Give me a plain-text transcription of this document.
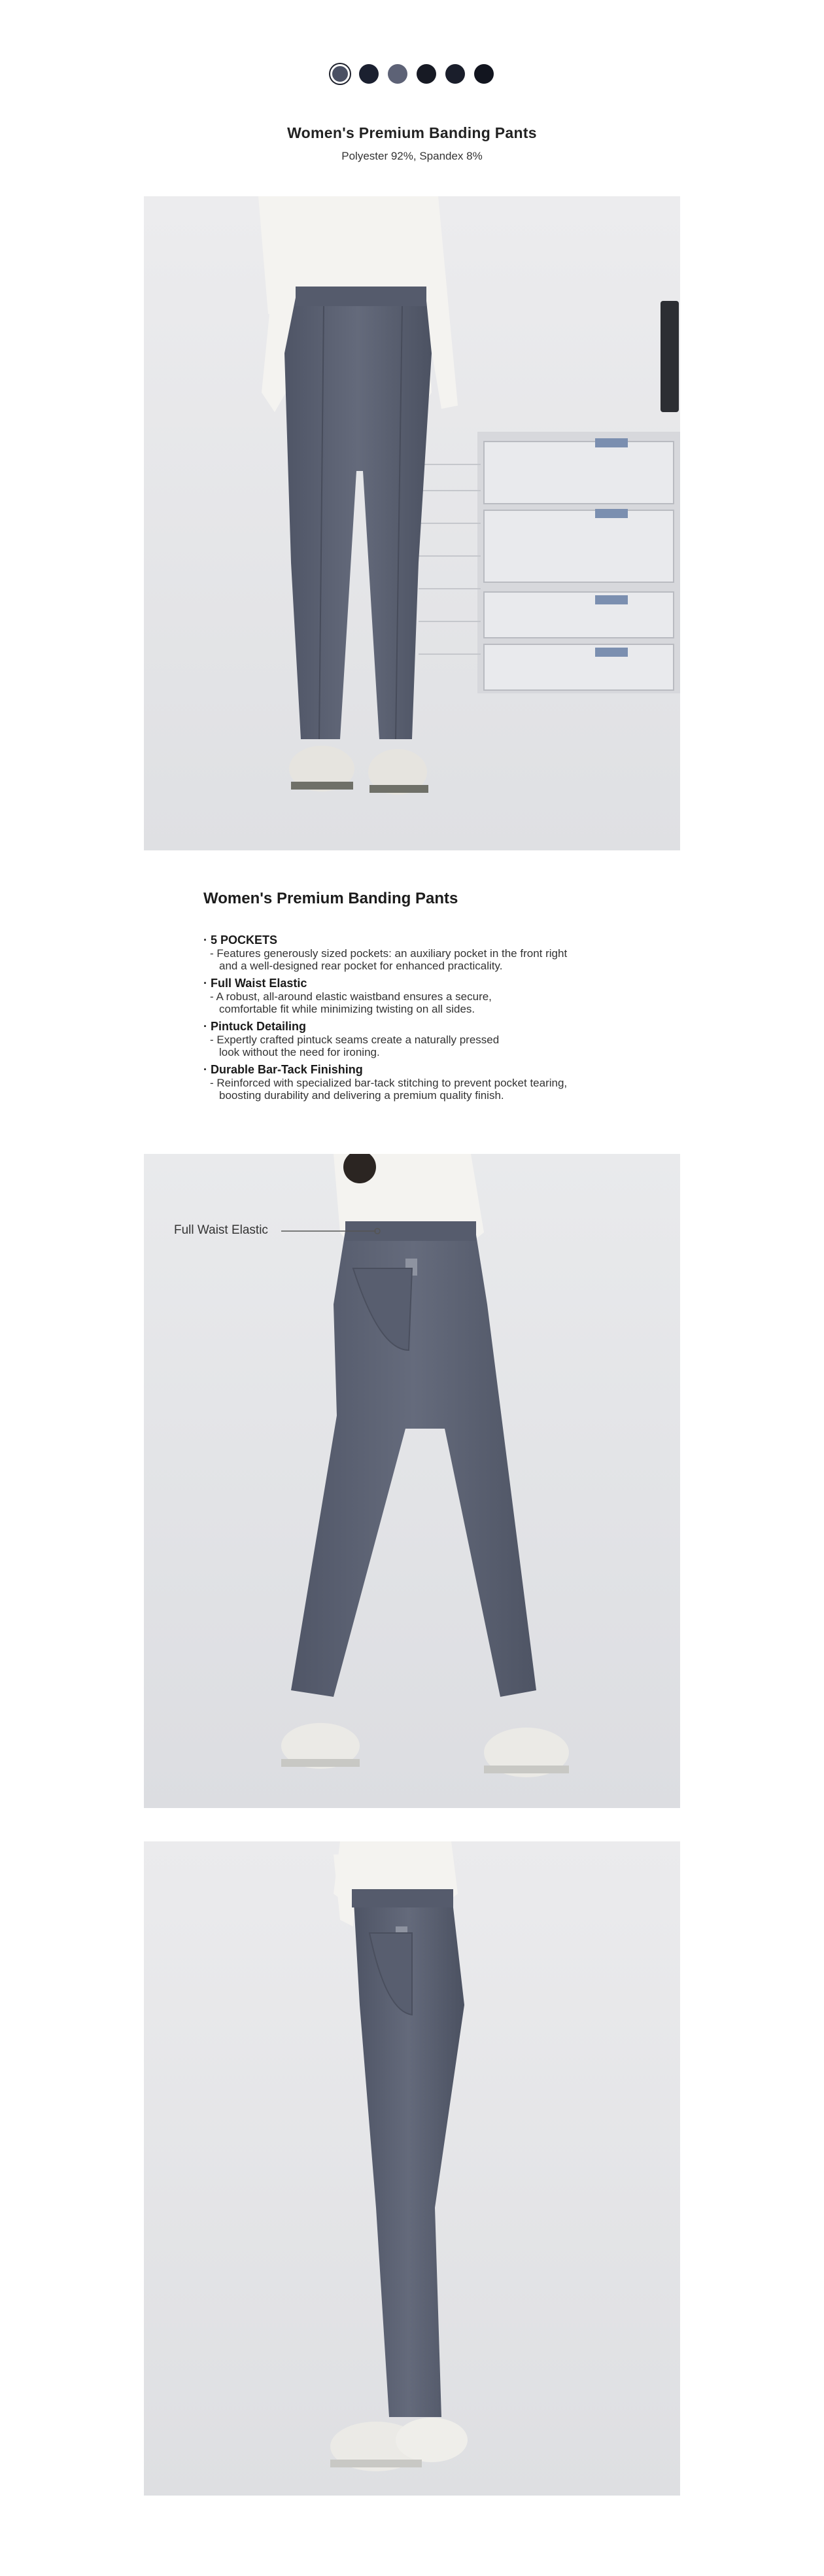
Women's Premium Banding Pants

Polyester 92%, Spandex 8%

Women's Premium Banding Pants
· 5 POCKETS
- Features generously sized pockets: an auxiliary pocket in the front right
and a well-designed rear pocket for enhanced practicality.
· Full Waist Elastic
- A robust, all-around elastic waistband ensures a secure,
comfortable fit while minimizing twisting on all sides.
· Pintuck Detailing
- Expertly crafted pintuck seams create a naturally pressed
look without the need for ironing.
· Durable Bar-Tack Finishing
- Reinforced with specialized bar-tack stitching to prevent pocket tearing,
boosting durability and delivering a premium quality finish.
Full Waist Elastic
